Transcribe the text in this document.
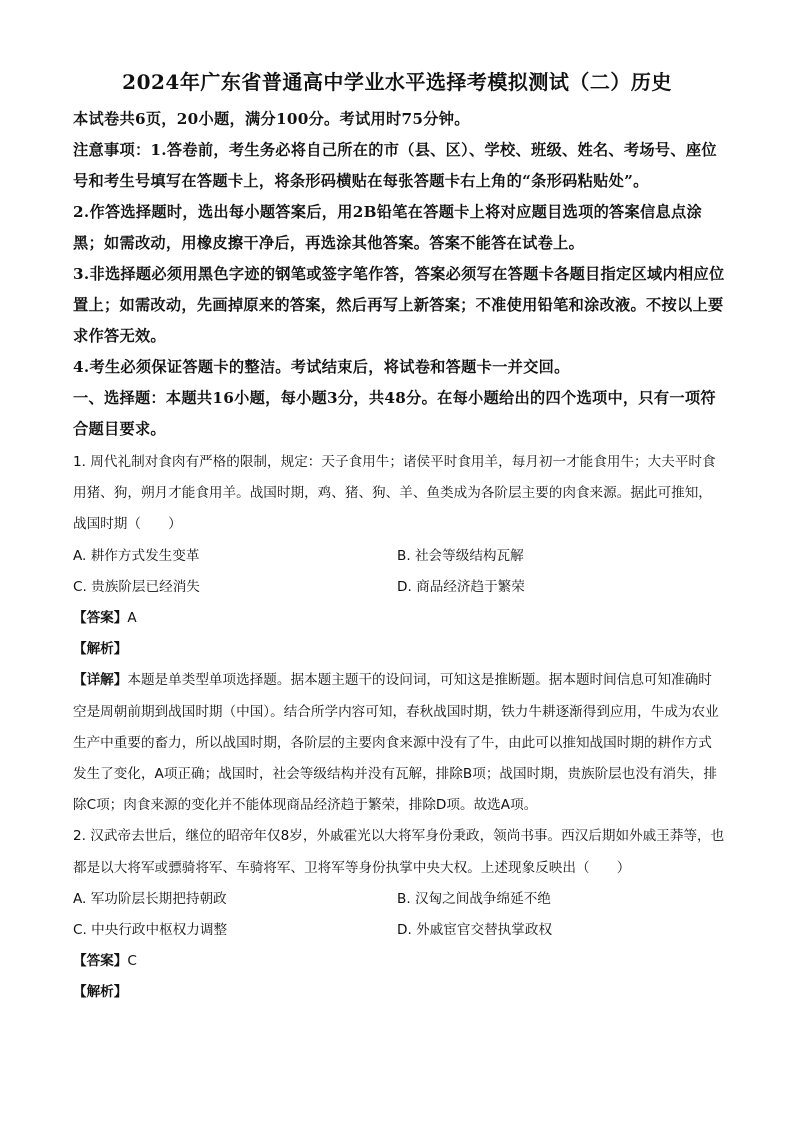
2024年广东省普通高中学业水平选择考模拟测试（二）历史

本试卷共6页，20小题，满分100分。考试用时75分钟。

注意事项：1.答卷前，考生务必将自己所在的市（县、区）、学校、班级、姓名、考场号、座位号和考生号填写在答题卡上，将条形码横贴在每张答题卡右上角的“条形码粘贴处”。

2.作答选择题时，选出每小题答案后，用2B铅笔在答题卡上将对应题目选项的答案信息点涂黑；如需改动，用橡皮擦干净后，再选涂其他答案。答案不能答在试卷上。

3.非选择题必须用黑色字迹的钢笔或签字笔作答，答案必须写在答题卡各题目指定区域内相应位置上；如需改动，先画掉原来的答案，然后再写上新答案；不准使用铅笔和涂改液。不按以上要求作答无效。

4.考生必须保证答题卡的整洁。考试结束后，将试卷和答题卡一并交回。

一、选择题：本题共16小题，每小题3分，共48分。在每小题给出的四个选项中，只有一项符合题目要求。

1. 周代礼制对食肉有严格的限制，规定：天子食用牛；诸侯平时食用羊，每月初一才能食用牛；大夫平时食用猪、狗，朔月才能食用羊。战国时期，鸡、猪、狗、羊、鱼类成为各阶层主要的肉食来源。据此可推知，战国时期（　　）

A. 耕作方式发生变革	B. 社会等级结构瓦解

C. 贵族阶层已经消失	D. 商品经济趋于繁荣

【答案】A

【解析】

【详解】本题是单类型单项选择题。据本题主题干的设问词，可知这是推断题。据本题时间信息可知准确时空是周朝前期到战国时期（中国）。结合所学内容可知，春秋战国时期，铁力牛耕逐渐得到应用，牛成为农业生产中重要的畜力，所以战国时期，各阶层的主要肉食来源中没有了牛，由此可以推知战国时期的耕作方式发生了变化，A项正确；战国时，社会等级结构并没有瓦解，排除B项；战国时期，贵族阶层也没有消失，排除C项；肉食来源的变化并不能体现商品经济趋于繁荣，排除D项。故选A项。

2. 汉武帝去世后，继位的昭帝年仅8岁，外戚霍光以大将军身份秉政，领尚书事。西汉后期如外戚王莽等，也都是以大将军或骠骑将军、车骑将军、卫将军等身份执掌中央大权。上述现象反映出（　　）

A. 军功阶层长期把持朝政	B. 汉匈之间战争绵延不绝

C. 中央行政中枢权力调整	D. 外戚宦官交替执掌政权

【答案】C

【解析】
